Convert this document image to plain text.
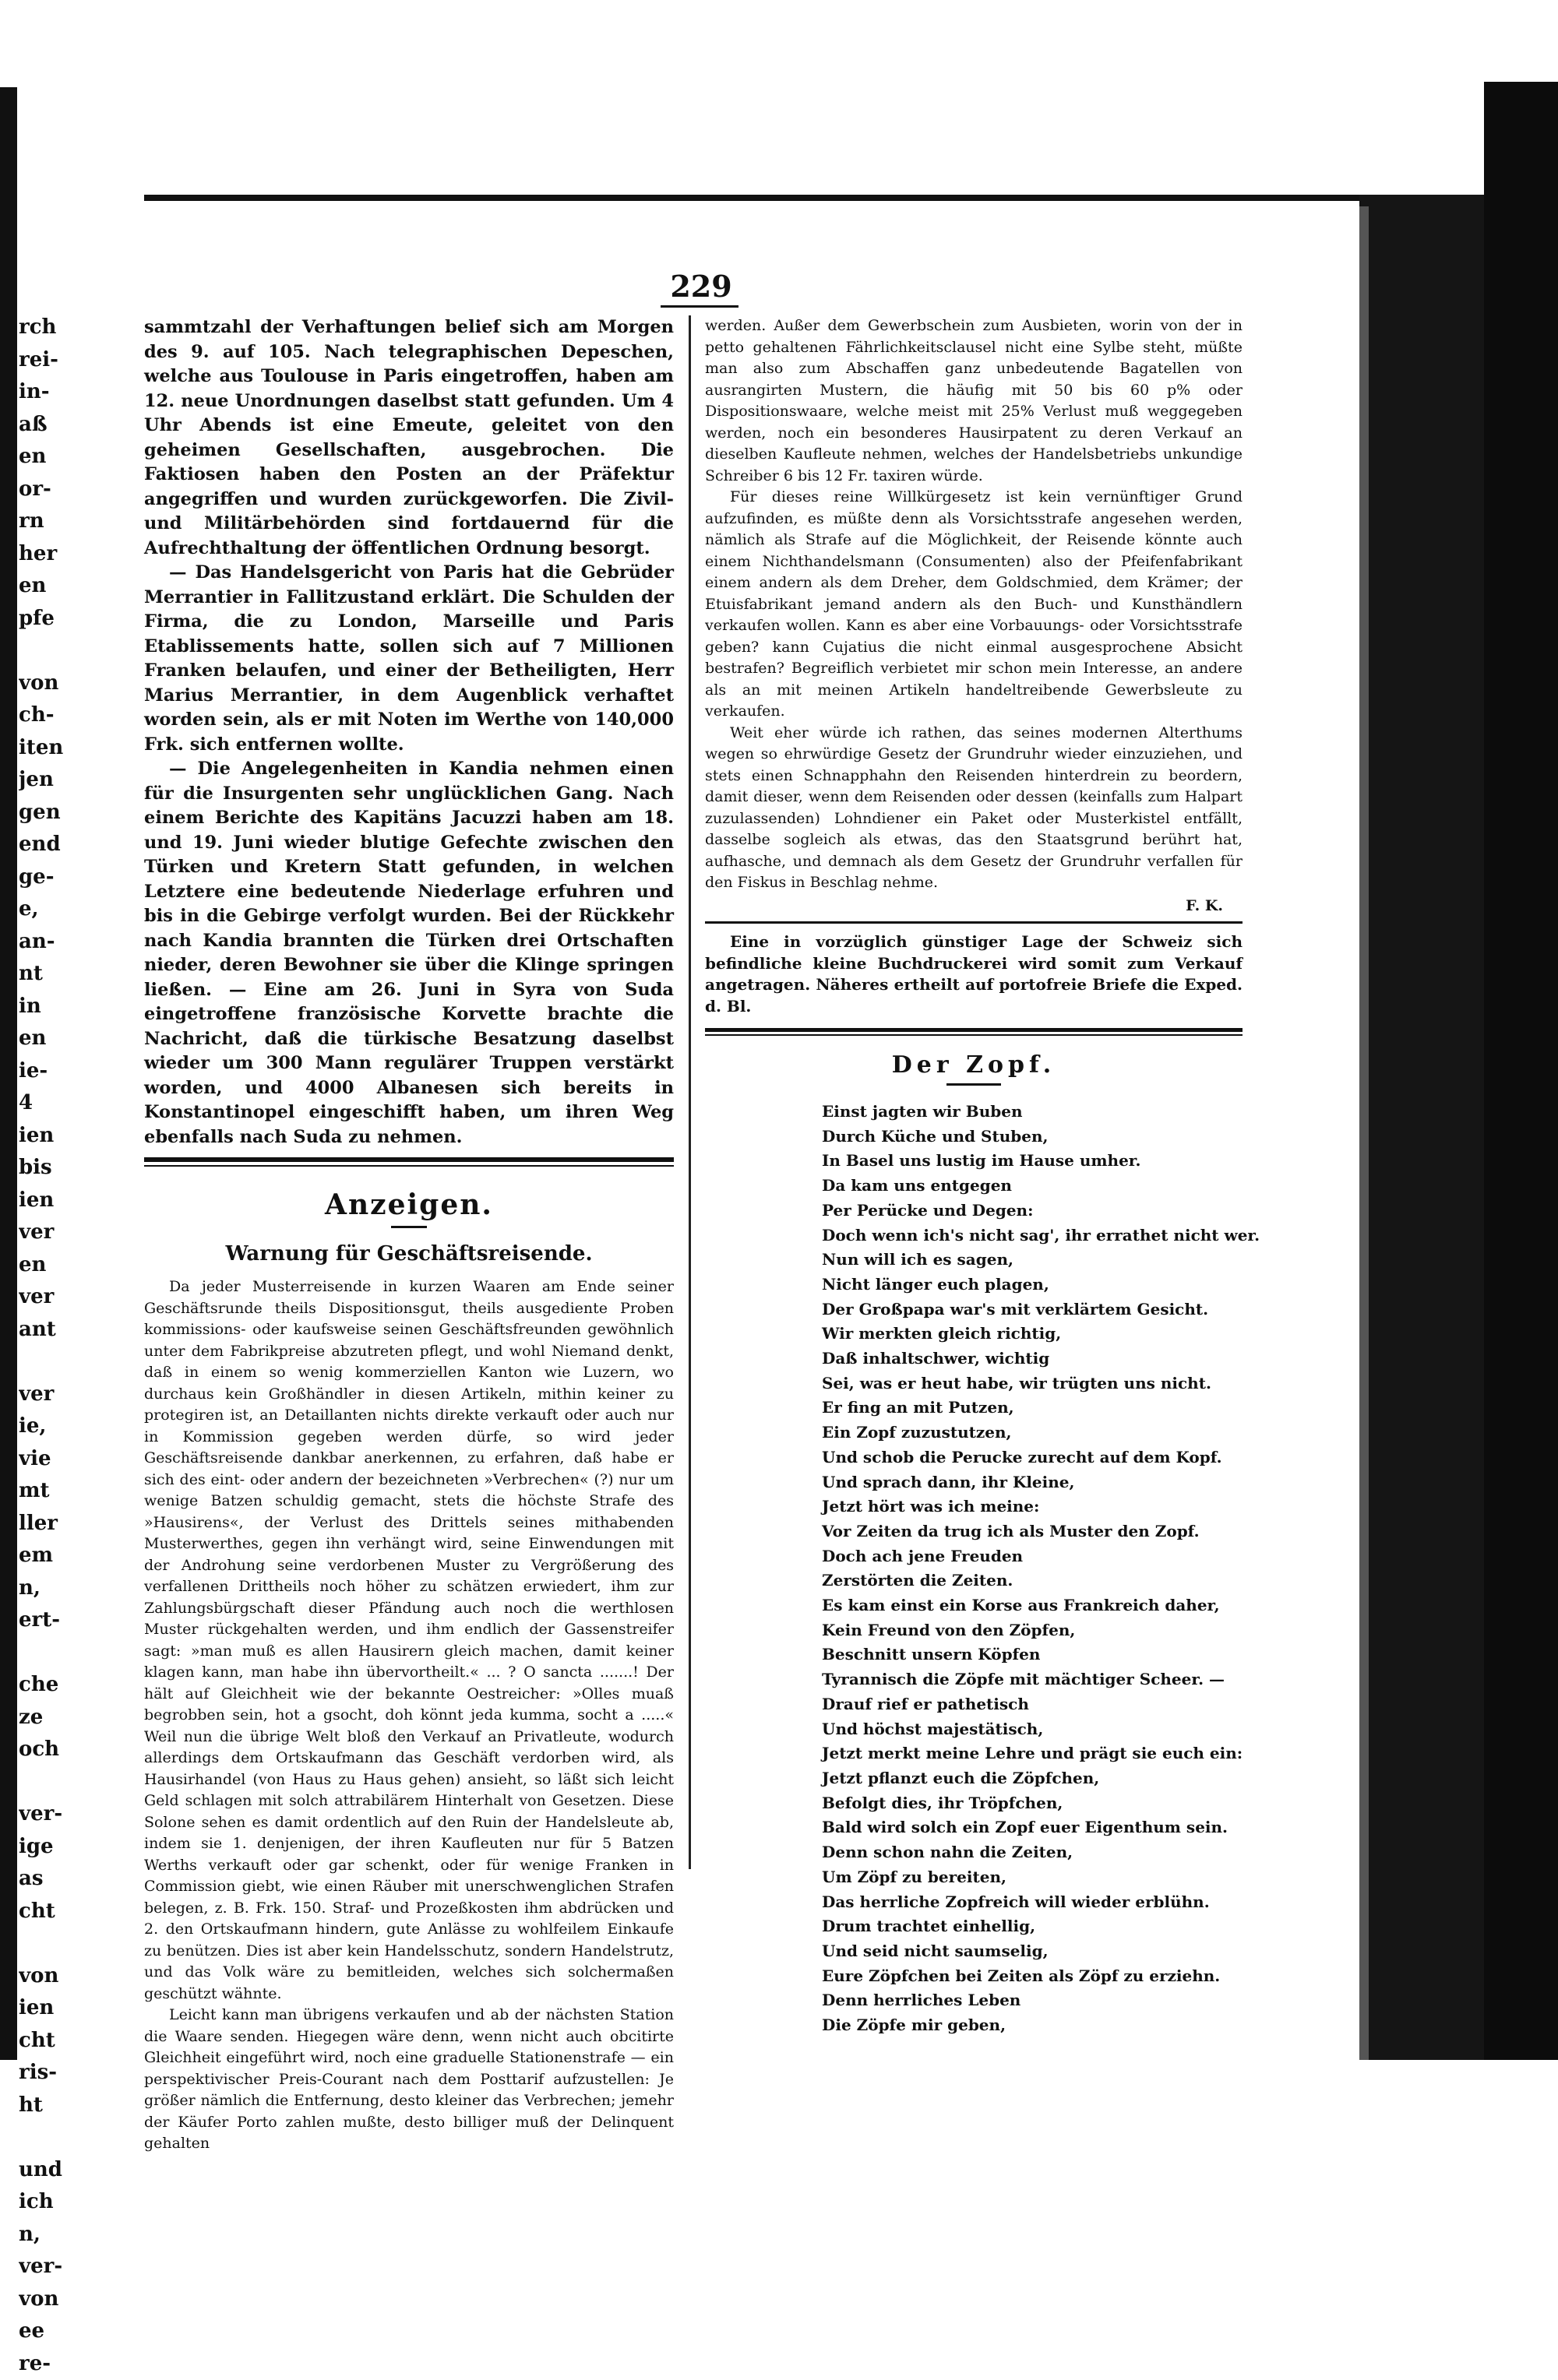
rch
rei-
in-
aß
en
or-
rn
her
en
pfe
von
ch-
iten
jen
gen
end
ge-
e,
an-
nt
in
en
ie-
4
ien
bis
ien
ver
en
ver
ant
ver
ie,
vie
mt
ller
em
n,
ert-
che
ze
och
ver-
ige
as
cht
von
ien
cht
ris-
ht
und
ich
n,
ver-
von
ee
re-
229

sammtzahl der Verhaftungen belief sich am Morgen des 9. auf 105. Nach telegraphischen Depeschen, welche aus Toulouse in Paris eingetroffen, haben am 12. neue Unordnungen daselbst statt gefunden. Um 4 Uhr Abends ist eine Emeute, geleitet von den geheimen Gesellschaften, ausgebrochen. Die Faktiosen haben den Posten an der Präfektur angegriffen und wurden zurückgeworfen. Die Zivil- und Militärbehörden sind fortdauernd für die Aufrechthaltung der öffentlichen Ordnung besorgt.

— Das Handelsgericht von Paris hat die Gebrüder Merrantier in Fallitzustand erklärt. Die Schulden der Firma, die zu London, Marseille und Paris Etablissements hatte, sollen sich auf 7 Millionen Franken belaufen, und einer der Betheiligten, Herr Marius Merrantier, in dem Augenblick verhaftet worden sein, als er mit Noten im Werthe von 140,000 Frk. sich entfernen wollte.

— Die Angelegenheiten in Kandia nehmen einen für die Insurgenten sehr unglücklichen Gang. Nach einem Berichte des Kapitäns Jacuzzi haben am 18. und 19. Juni wieder blutige Gefechte zwischen den Türken und Kretern Statt gefunden, in welchen Letztere eine bedeutende Niederlage erfuhren und bis in die Gebirge verfolgt wurden. Bei der Rückkehr nach Kandia brannten die Türken drei Ortschaften nieder, deren Bewohner sie über die Klinge springen ließen. — Eine am 26. Juni in Syra von Suda eingetroffene französische Korvette brachte die Nachricht, daß die türkische Besatzung daselbst wieder um 300 Mann regulärer Truppen verstärkt worden, und 4000 Albanesen sich bereits in Konstantinopel eingeschifft haben, um ihren Weg ebenfalls nach Suda zu nehmen.

Anzeigen.
Warnung für Geschäftsreisende.

Da jeder Musterreisende in kurzen Waaren am Ende seiner Geschäftsrunde theils Dispositionsgut, theils ausgediente Proben kommissions- oder kaufsweise seinen Geschäftsfreunden gewöhnlich unter dem Fabrikpreise abzutreten pflegt, und wohl Niemand denkt, daß in einem so wenig kommerziellen Kanton wie Luzern, wo durchaus kein Großhändler in diesen Artikeln, mithin keiner zu protegiren ist, an Detaillanten nichts direkte verkauft oder auch nur in Kommission gegeben werden dürfe, so wird jeder Geschäftsreisende dankbar anerkennen, zu erfahren, daß habe er sich des eint- oder andern der bezeichneten »Verbrechen« (?) nur um wenige Batzen schuldig gemacht, stets die höchste Strafe des »Hausirens«, der Verlust des Drittels seines mithabenden Musterwerthes, gegen ihn verhängt wird, seine Einwendungen mit der Androhung seine verdorbenen Muster zu Vergrößerung des verfallenen Drittheils noch höher zu schätzen erwiedert, ihm zur Zahlungsbürgschaft dieser Pfändung auch noch die werthlosen Muster rückgehalten werden, und ihm endlich der Gassenstreifer sagt: »man muß es allen Hausirern gleich machen, damit keiner klagen kann, man habe ihn übervortheilt.« ... ? O sancta .......! Der hält auf Gleichheit wie der bekannte Oestreicher: »Olles muaß begrobben sein, hot a gsocht, doh könnt jeda kumma, socht a .....« Weil nun die übrige Welt bloß den Verkauf an Privatleute, wodurch allerdings dem Ortskaufmann das Geschäft verdorben wird, als Hausirhandel (von Haus zu Haus gehen) ansieht, so läßt sich leicht Geld schlagen mit solch attrabilärem Hinterhalt von Gesetzen. Diese Solone sehen es damit ordentlich auf den Ruin der Handelsleute ab, indem sie 1. denjenigen, der ihren Kaufleuten nur für 5 Batzen Werths verkauft oder gar schenkt, oder für wenige Franken in Commission giebt, wie einen Räuber mit unerschwenglichen Strafen belegen, z. B. Frk. 150. Straf- und Prozeßkosten ihm abdrücken und 2. den Ortskaufmann hindern, gute Anlässe zu wohlfeilem Einkaufe zu benützen. Dies ist aber kein Handelsschutz, sondern Handelstrutz, und das Volk wäre zu bemitleiden, welches sich solchermaßen geschützt wähnte.

Leicht kann man übrigens verkaufen und ab der nächsten Station die Waare senden. Hiegegen wäre denn, wenn nicht auch obcitirte Gleichheit eingeführt wird, noch eine graduelle Stationenstrafe — ein perspektivischer Preis-Courant nach dem Posttarif aufzustellen: Je größer nämlich die Entfernung, desto kleiner das Verbrechen; jemehr der Käufer Porto zahlen mußte, desto billiger muß der Delinquent gehalten

werden. Außer dem Gewerbschein zum Ausbieten, worin von der in petto gehaltenen Fährlichkeitsclausel nicht eine Sylbe steht, müßte man also zum Abschaffen ganz unbedeutende Bagatellen von ausrangirten Mustern, die häufig mit 50 bis 60 p% oder Dispositionswaare, welche meist mit 25% Verlust muß weggegeben werden, noch ein besonderes Hausirpatent zu deren Verkauf an dieselben Kaufleute nehmen, welches der Handelsbetriebs unkundige Schreiber 6 bis 12 Fr. taxiren würde.

Für dieses reine Willkürgesetz ist kein vernünftiger Grund aufzufinden, es müßte denn als Vorsichtsstrafe angesehen werden, nämlich als Strafe auf die Möglichkeit, der Reisende könnte auch einem Nichthandelsmann (Consumenten) also der Pfeifenfabrikant einem andern als dem Dreher, dem Goldschmied, dem Krämer; der Etuisfabrikant jemand andern als den Buch- und Kunsthändlern verkaufen wollen. Kann es aber eine Vorbauungs- oder Vorsichtsstrafe geben? kann Cujatius die nicht einmal ausgesprochene Absicht bestrafen? Begreiflich verbietet mir schon mein Interesse, an andere als an mit meinen Artikeln handeltreibende Gewerbsleute zu verkaufen.

Weit eher würde ich rathen, das seines modernen Alterthums wegen so ehrwürdige Gesetz der Grundruhr wieder einzuziehen, und stets einen Schnapphahn den Reisenden hinterdrein zu beordern, damit dieser, wenn dem Reisenden oder dessen (keinfalls zum Halpart zuzulassenden) Lohndiener ein Paket oder Musterkistel entfällt, dasselbe sogleich als etwas, das den Staatsgrund berührt hat, aufhasche, und demnach als dem Gesetz der Grundruhr verfallen für den Fiskus in Beschlag nehme.

F. K.

Eine in vorzüglich günstiger Lage der Schweiz sich befindliche kleine Buchdruckerei wird somit zum Verkauf angetragen. Näheres ertheilt auf portofreie Briefe die Exped. d. Bl.

Der Zopf.
Einst jagten wir Buben
Durch Küche und Stuben,
In Basel uns lustig im Hause umher.
Da kam uns entgegen
Per Perücke und Degen:
Doch wenn ich's nicht sag', ihr errathet nicht wer.
Nun will ich es sagen,
Nicht länger euch plagen,
Der Großpapa war's mit verklärtem Gesicht.
Wir merkten gleich richtig,
Daß inhaltschwer, wichtig
Sei, was er heut habe, wir trügten uns nicht.
Er fing an mit Putzen,
Ein Zopf zuzustutzen,
Und schob die Perucke zurecht auf dem Kopf.
Und sprach dann, ihr Kleine,
Jetzt hört was ich meine:
Vor Zeiten da trug ich als Muster den Zopf.
Doch ach jene Freuden
Zerstörten die Zeiten.
Es kam einst ein Korse aus Frankreich daher,
Kein Freund von den Zöpfen,
Beschnitt unsern Köpfen
Tyrannisch die Zöpfe mit mächtiger Scheer. —
Drauf rief er pathetisch
Und höchst majestätisch,
Jetzt merkt meine Lehre und prägt sie euch ein:
Jetzt pflanzt euch die Zöpfchen,
Befolgt dies, ihr Tröpfchen,
Bald wird solch ein Zopf euer Eigenthum sein.
Denn schon nahn die Zeiten,
Um Zöpf zu bereiten,
Das herrliche Zopfreich will wieder erblühn.
Drum trachtet einhellig,
Und seid nicht saumselig,
Eure Zöpfchen bei Zeiten als Zöpf zu erziehn.
Denn herrliches Leben
Die Zöpfe mir geben,
